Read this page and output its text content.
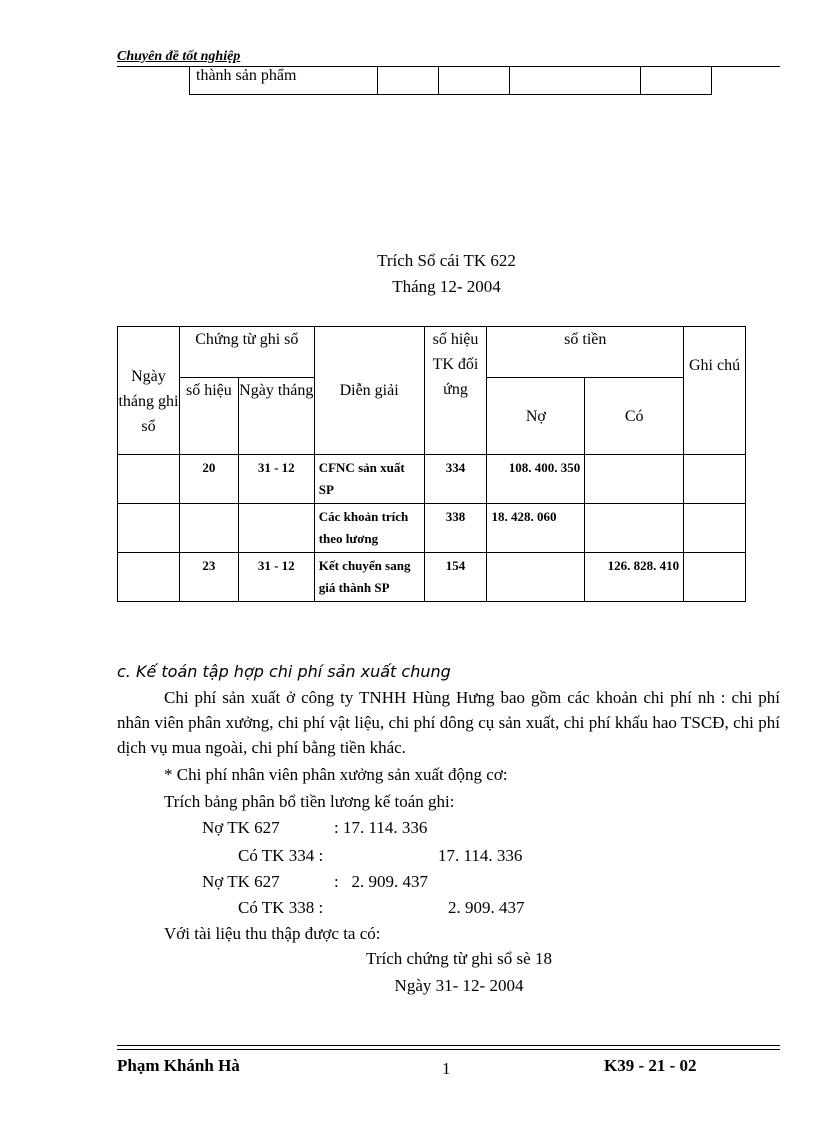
Chuyên đề tốt nghiệp
thành sản phẩm				
Trích Sổ cái TK 622
Tháng 12- 2004
Ngày tháng ghi sổ	Chứng từ ghi sổ		Diễn giải	số hiệu TK đối ứng	số tiền		Ghi chú
	số hiệu	Ngày tháng			Nợ	Có	
	20	31 - 12	CFNC sản xuất SP	334	108. 400. 350		
			Các khoản trích theo lương	338	18. 428. 060		
	23	31 - 12	Kết chuyển sang giá thành SP	154		126. 828. 410	
c. Kế toán tập hợp chi phí sản xuất chung
Chi phí sản xuất ở công ty TNHH Hùng Hưng bao gồm các khoản chi phí nh : chi phí nhân viên phân xưởng, chi phí vật liệu, chi phí dông cụ sản xuất, chi phí khấu hao TSCĐ, chi phí dịch vụ mua ngoài, chi phí bằng tiền khác.
* Chi phí nhân viên phân xưởng sản xuất động cơ:
Trích bảng phân bổ tiền lương kế toán ghi:
Nợ TK 627	: 17. 114. 336
Có TK 334 :	17. 114. 336
Nợ TK 627	:   2. 909. 437
Có TK 338 :	2. 909. 437
Với tài liệu thu thập được ta có:
Trích chứng từ ghi sổ sè 18
Ngày 31- 12- 2004
Phạm Khánh Hà	1	K39 - 21 - 02
